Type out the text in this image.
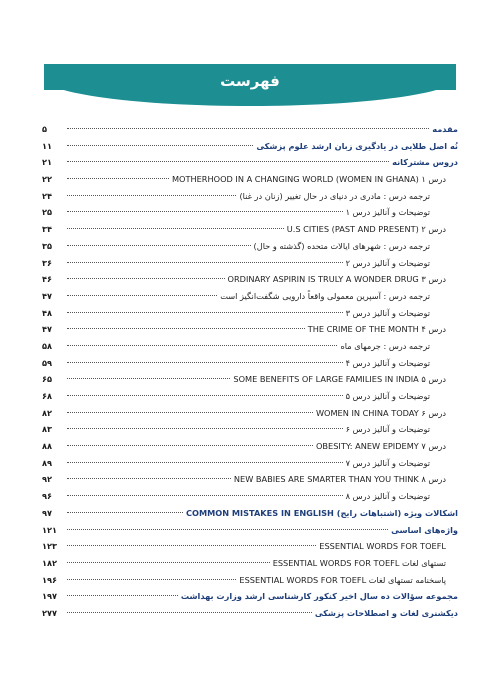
فهرست
مقدمه
۵
نُه اصل طلایی در یادگیری زبان ارشد علوم پزشکی
۱۱
دروس مشترکانه
۲۱
درس ۱ MOTHERHOOD IN A CHANGING WORLD (WOMEN IN GHANA)
۲۲
ترجمه درس : مادری در دنیای در حال تغییر (زنان در غنا)
۲۴
توضیحات و آنالیز درس ۱
۲۵
درس ۲ U.S CITIES (PAST AND PRESENT)
۳۴
ترجمه درس : شهرهای ایالات متحده (گذشته و حال)
۳۵
توضیحات و آنالیز درس ۲
۳۶
درس ۳ ORDINARY ASPIRIN IS TRULY A WONDER DRUG
۴۶
ترجمه درس : آسپرین معمولی واقعاً دارویی شگفت‌انگیز است
۴۷
توضیحات و آنالیز درس ۳
۴۸
درس ۴ THE CRIME OF THE MONTH
۴۷
ترجمه درس : جرمهای ماه
۵۸
توضیحات و آنالیز درس ۴
۵۹
درس ۵ SOME BENEFITS OF LARGE FAMILIES IN INDIA
۶۵
توضیحات و آنالیز درس ۵
۶۸
درس ۶ WOMEN IN CHINA TODAY
۸۲
توضیحات و آنالیز درس ۶
۸۳
درس ۷ OBESITY: ANEW EPIDEMY
۸۸
توضیحات و آنالیز درس ۷
۸۹
درس ۸ NEW BABIES ARE SMARTER THAN YOU THINK
۹۲
توضیحات و آنالیز درس ۸
۹۶
اشکالات ویژه (اشتباهات رایج) COMMON MISTAKES IN ENGLISH
۹۷
واژه‌های اساسی
۱۲۱
ESSENTIAL WORDS FOR TOEFL
۱۲۳
تستهای لغات ESSENTIAL WORDS FOR TOEFL
۱۸۲
پاسخنامه تستهای لغات ESSENTIAL WORDS FOR TOEFL
۱۹۶
مجموعه سؤالات ده سال اخیر کنکور کارشناسی ارشد وزارت بهداشت
۱۹۷
دیکشنری لغات و اصطلاحات پزشکی
۲۷۷
